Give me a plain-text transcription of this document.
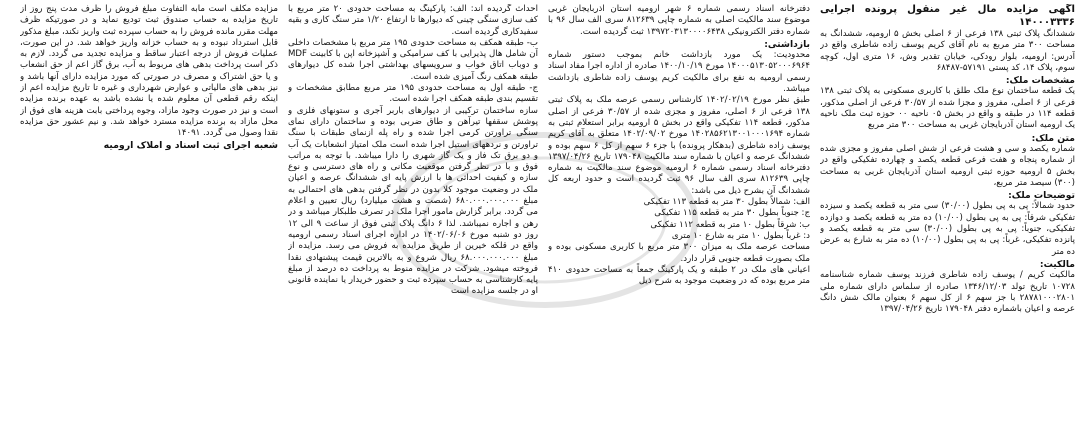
آگهی مزایده مال غیر منقول پرونده اجرایی ۱۴۰۰۰۳۳۳۶

ششدانگ پلاک ثبتی ۱۳۸ فرعی از ۶ اصلی بخش ۵ ارومیه، ششدانگ به مساحت ۳۰۰ متر مربع به نام آقای کریم یوسف زاده شاطری واقع در آدرس: ارومیه، بلوار رودکی، خیابان تقدیر وش، ۱۶ متری اول، کوچه سوم، پلاک ۱۴، کد پستی ۵۷۱۹۱-۶۸۴۸۷

مشخصات ملک:

یک قطعه ساختمان نوع ملک طلق با کاربری مسکونی به پلاک ثبتی ۱۳۸ فرعی از ۶ اصلی، مفروز و مجزا شده از ۳۰/۵۷ فرعی از اصلی مذکور، قطعه ۱۱۴ در طبقه و واقع در بخش ۰۵ ناحیه ۰۰ حوزه ثبت ملک ناحیه یک ارومیه استان آذربایجان غربی به مساحت ۳۰۰ متر مربع

متن ملک:

شماره یکصد و سی و هشت فرعی از شش اصلی مفروز و مجزی شده از شماره پنجاه و هفت فرعی قطعه یکصد و چهارده تفکیکی واقع در بخش ۵ ارومیه حوزه ثبتی ارومیه استان آذربایجان غربی به مساحت (۳۰۰) سیصد متر مربع،

توضیحات ملک:

حدود شمالاً: پی به پی بطول (۳۰/۰۰) سی متر به قطعه یکصد و سیزده تفکیکی شرقاً: پی به پی بطول (۱۰/۰۰) ده متر به قطعه یکصد و دوازده تفکیکی، جنوباً: پی به پی بطول (۳۰/۰۰) سی متر به قطعه یکصد و پانزده تفکیکی، غرباً: پی به پی بطول (۱۰/۰۰) ده متر به شارع به عرض ده متر

مالکیت:

مالکیت کریم / یوسف زاده شاطری فرزند یوسف شماره شناسنامه ۱۰۷۲۸ تاریخ تولد ۱۳۴۶/۱۲/۰۳ صادره از سلماس دارای شماره ملی ۲۸۷۸۱۰۰۰۲۸۰۱ با جز سهم ۶ از کل سهم ۶ بعنوان مالک شش دانگ عرصه و اعیان باشماره دفتر ۱۷۹۰۴۸ تاریخ ۱۳۹۷/۰۴/۲۶

دفترخانه اسناد رسمی شماره ۶ شهر ارومیه استان آذربایجان غربی موضوع سند مالکیت اصلی به شماره چاپی ۸۱۲۶۳۹ سری الف سال ۹۶ با شماره دفتر الکترونیکی ۱۳۹۷۲۰۳۱۳۰۰۰۰۶۴۳۸ ثبت گردیده است.

بازداشتی:

محدودیت: یک مورد بازداشت خانم بموجب دستور شماره ۱۴۰۰۰۵۱۳۰۵۲۰۰۰۶۹۶۴ مورخ ۱۴۰۰/۱۰/۱۹ صادره از اداره اجرا مفاد اسناد رسمی ارومیه به نفع برای مالکیت کریم یوسف زاده شاطری بازداشت میباشد.

طبق نظر مورخ ۱۴۰۲/۰۲/۱۹ کارشناس رسمی عرصه ملک به پلاک ثبتی ۱۳۸ فرعی از ۶ اصلی، مفروز و مجزی شده از ۳۰/۵۷ فرعی از اصلی مذکور، قطعه ۱۱۴ تفکیکی واقع در بخش ۵ ارومیه برابر استعلام ثبتی به شماره ۱۴۰۲۸۵۶۲۱۳۰۰۱۰۰۰۱۶۹۴ مورخ ۱۴۰۲/۰۹/۰۲ متعلق به آقای کریم یوسف زاده شاطری (بدهکار پرونده) با جزء ۶ سهم از کل ۶ سهم بوده و ششدانگ عرصه و اعیان با شماره سند مالکیت ۱۷۹۰۴۸ تاریخ ۱۳۹۷/۰۴/۲۶ دفترخانه اسناد رسمی شماره ۶ ارومیه موضوع سند مالکیت به شماره چاپی ۸۱۲۶۳۹ سری الف سال ۹۶ ثبت گردیده است و حدود اربعه کل ششدانگ آن بشرح ذیل می باشد:

الف: شمالاً بطول ۳۰ متر به قطعه ۱۱۳ تفکیکی

ج: جنوباً بطول ۳۰ متر به قطعه ۱۱۵ تفکیکی

ب: شرقاً بطول ۱۰ متر به قطعه ۱۱۲ تفکیکی

د: غرباً بطول ۱۰ متر به شارع ۱۰ متری

مساحت عرصه ملک به میزان ۳۰۰ متر مربع با کاربری مسکونی بوده و ملک بصورت قطعه جنوبی قرار دارد.

اعیانی های ملک در ۲ طبقه و یک پارکینگ جمعاً به مساحت حدودی ۴۱۰ متر مربع بوده که در وضعیت موجود به شرح ذیل

احداث گردیده اند: الف: پارکینگ به مساحت حدودی ۲۰ متر مربع با کف سازی سنگی چینی که دیوارها تا ارتفاع ۱/۲۰ متر سنگ کاری و بقیه سفیدکاری گردیده است.

ب- طبقه همکف به مساحت حدودی ۱۹۵ متر مربع با مشخصات داخلی آن شامل هال پذیرایی با کف سرامیکی و آشپزخانه اپن با کابینت MDF و دوباب اتاق خواب و سرویسهای بهداشتی اجرا شده کل دیوارهای طبقه همکف رنگ آمیزی شده است.

ج- طبقه اول به مساحت حدودی ۱۹۵ متر مربع مطابق مشخصات و تقسیم بندی طبقه همکف اجرا شده است.

سازه ساختمان ترکیبی از دیوارهای باربر آجری و ستونهای فلزی و پوشش سقفها تیرآهن و طاق ضربی بوده و ساختمان دارای نمای سنگی تراورتن کرمی اجرا شده و راه پله ازنمای طبقات با سنگ تراورتن و نردههای استیل اجرا شده است ملک امتیاز انشعابات یک آب و دو برق تک فاز و یک گاز شهری را دارا میباشد. با توجه به مراتب فوق و با در نظر گرفتن موقعیت مکانی و راه های دسترسی و نوع سازه و کیفیت احداثی ها با ارزش پایه ای ششدانگ عرصه و اعیان ملک در وضعیت موجود کلا بدون در نظر گرفتن بدهی های احتمالی به مبلغ ۶۸۰.۰۰۰.۰۰۰.۰۰۰ (شصت و هشت میلیارد) ریال تعیین و اعلام می گردد. برابر گزارش مامور اجرا ملک در تصرف طلبکار میباشد و در رهن و اجاره نمیباشد. لذا ۶ دانگ پلاک ثبتی فوق از ساعت ۹ الی ۱۲ روز دو شنبه مورخ ۱۴۰۲/۰۶/۰۶ در اداره اجرای اسناد رسمی ارومیه واقع در قلکه خیرین از طریق مزایده به فروش می رسد. مزایده از مبلغ ۶۸.۰۰۰.۰۰۰.۰۰۰ ریال شروع و به بالاترین قیمت پیشنهادی نقدا فروخته میشود. شرکت در مزایده منوط به پرداخت ده درصد از مبلغ پایه کارشناسی به حساب سپرده ثبت و حضور خریدار یا نماینده قانونی او در جلسه مزایده است

مزایده مکلف است مابه التفاوت مبلغ فروش را ظرف مدت پنج روز از تاریخ مزایده به حساب صندوق ثبت تودیع نماید و در صورتیکه ظرف مهلت مقرر مانده فروش را به حساب سپرده ثبت واریز نکند، مبلغ مذکور قابل استرداد نبوده و به حساب خزانه واریز خواهد شد. در این صورت، عملیات فروش از درجه اعتبار ساقط و مزایده تجدید می گردد. لازم به ذکر است پرداخت بدهی های مربوط به آب، برق گاز اعم از حق انشعاب و یا حق اشتراک و مصرف در صورتی که مورد مزایده دارای آنها باشد و نیز بدهی های مالیاتی و عوارض شهرداری و غیره تا تاریخ مزایده اعم از اینکه رقم قطعی آن معلوم شده یا نشده باشد به عهده برنده مزایده است و نیز در صورت وجود مازاد، وجوه پرداختی بابت هزینه های فوق از محل مازاد به برنده مزایده مسترد خواهد شد. و نیم عشور حق مزایده نقدا وصول می گردد. ۱۴۰۹۱

شعبه اجرای ثبت اسناد و املاک ارومیه
